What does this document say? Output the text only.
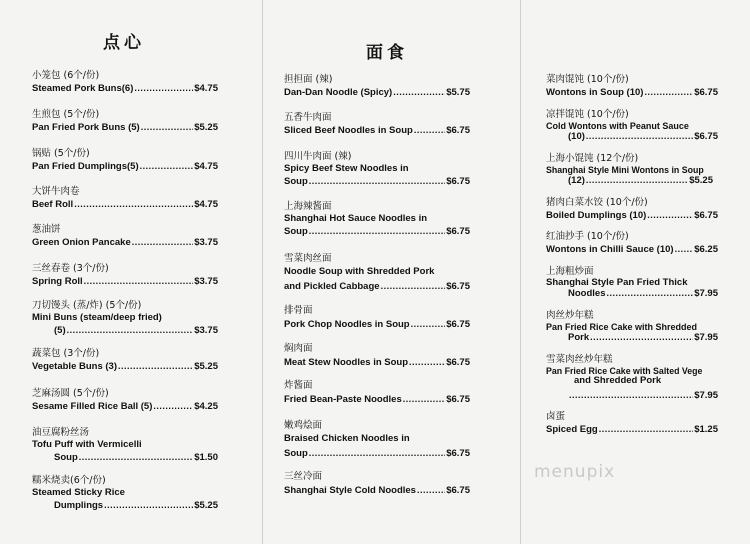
点心
小笼包 (6个/份)
Steamed Pork Buns(6) .....	$4.75
生煎包 (5个/份)
Pan Fried Pork Buns (5) .....	$5.25
锅贴 (5个/份)
Pan Fried Dumplings(5) .....	$4.75
大饼牛肉卷
Beef Roll .....	$4.75
葱油饼
Green Onion Pancake .....	$3.75
三丝春卷 (3个/份)
Spring Roll .....	$3.75
刀切馒头 (蒸/炸) (5个/份)
Mini Buns (steam/deep fried)
(5) .....	$3.75
蔬菜包 (3个/份)
Vegetable Buns (3) .....	$5.25
芝麻汤圆 (5个/份)
Sesame Filled Rice Ball (5) .....	$4.25
油豆腐粉丝汤
Tofu Puff with Vermicelli
Soup .....	$1.50
糯米烧卖(6个/份)
Steamed Sticky Rice
Dumplings .....	$5.25
面食
担担面 (辣)
Dan-Dan Noodle (Spicy) .....	$5.75
五香牛肉面
Sliced Beef Noodles in Soup .....	$6.75
四川牛肉面 (辣)
Spicy Beef Stew Noodles in
Soup .....	$6.75
上海辣酱面
Shanghai Hot Sauce Noodles in
Soup .....	$6.75
雪菜肉丝面
Noodle Soup with Shredded Pork
and Pickled Cabbage .....	$6.75
排骨面
Pork Chop Noodles in Soup .....	$6.75
焖肉面
Meat Stew Noodles in Soup .....	$6.75
炸酱面
Fried Bean-Paste Noodles .....	$6.75
嫩鸡烩面
Braised Chicken Noodles in
Soup .....	$6.75
三丝冷面
Shanghai Style Cold Noodles .....	$6.75
菜肉馄饨 (10个/份)
Wontons in Soup (10) .....	$6.75
凉拌馄饨 (10个/份)
Cold Wontons with Peanut Sauce
(10) .....	$6.75
上海小馄饨 (12个/份)
Shanghai Style Mini Wontons in Soup
(12) .....	$5.25
猪肉白菜水饺 (10个/份)
Boiled Dumplings (10) .....	$6.75
红油抄手 (10个/份)
Wontons in Chilli Sauce (10) ..... $6.25
上海粗炒面
Shanghai Style Pan Fried Thick
Noodles .....	$7.95
肉丝炒年糕
Pan Fried Rice Cake with Shredded
Pork .....	$7.95
雪菜肉丝炒年糕
Pan Fried Rice Cake with Salted Vege
and Shredded Pork
.....
$7.95
卤蛋
Spiced Egg .....	$1.25
menupix
